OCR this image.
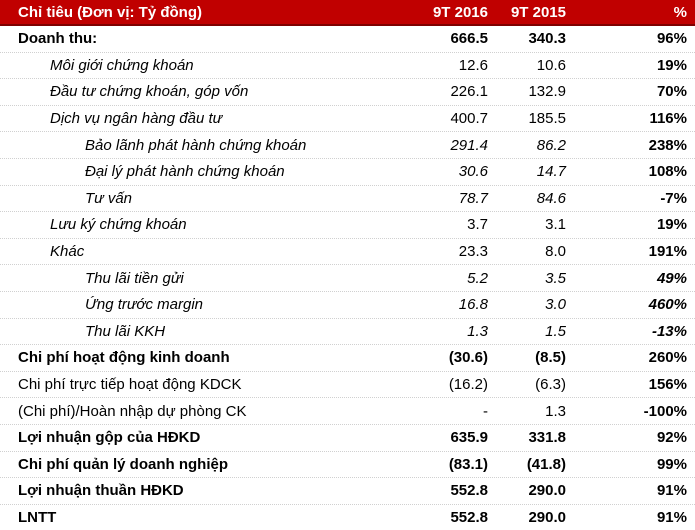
Chỉ tiêu (Đơn vị: Tỷ đồng)	9T 2016	9T 2015	%
Doanh thu:	666.5	340.3	96%
Môi giới chứng khoán	12.6	10.6	19%
Đầu tư chứng khoán, góp vốn	226.1	132.9	70%
Dịch vụ ngân hàng đầu tư	400.7	185.5	116%
Bảo lãnh phát hành chứng khoán	291.4	86.2	238%
Đại lý phát hành chứng khoán	30.6	14.7	108%
Tư vấn	78.7	84.6	-7%
Lưu ký chứng khoán	3.7	3.1	19%
Khác	23.3	8.0	191%
Thu lãi tiền gửi	5.2	3.5	49%
Ứng trước margin	16.8	3.0	460%
Thu lãi KKH	1.3	1.5	-13%
Chi phí hoạt động kinh doanh	(30.6)	(8.5)	260%
Chi phí trực tiếp hoạt động KDCK	(16.2)	(6.3)	156%
(Chi phí)/Hoàn nhập dự phòng CK	-	1.3	-100%
Lợi nhuận gộp của HĐKD	635.9	331.8	92%
Chi phí quản lý doanh nghiệp	(83.1)	(41.8)	99%
Lợi nhuận thuần HĐKD	552.8	290.0	91%
LNTT	552.8	290.0	91%
